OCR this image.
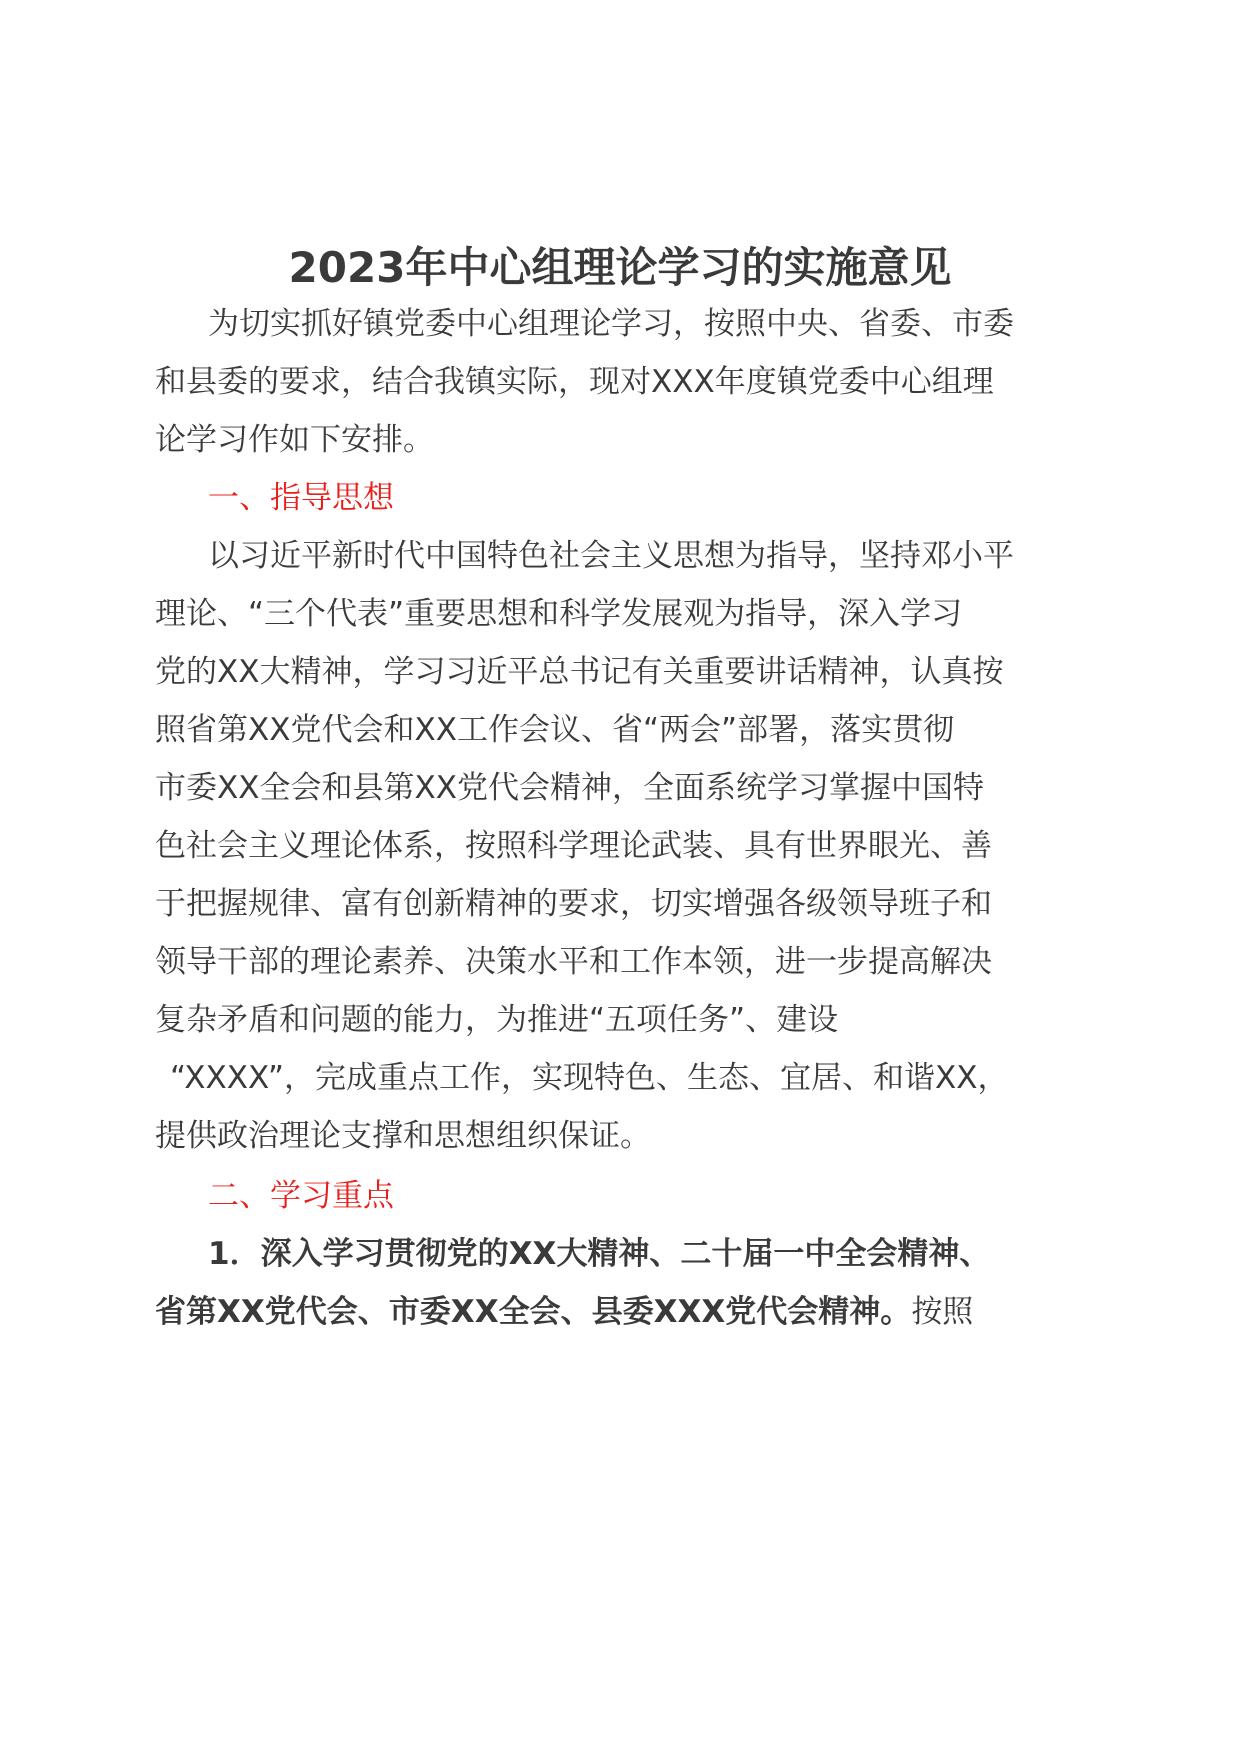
2023年中心组理论学习的实施意见
为切实抓好镇党委中心组理论学习，按照中央、省委、市委
和县委的要求，结合我镇实际，现对XXX年度镇党委中心组理
论学习作如下安排。
一、指导思想
以习近平新时代中国特色社会主义思想为指导，坚持邓小平
理论、“三个代表”重要思想和科学发展观为指导，深入学习
党的XX大精神，学习习近平总书记有关重要讲话精神，认真按
照省第XX党代会和XX工作会议、省“两会”部署，落实贯彻
市委XX全会和县第XX党代会精神，全面系统学习掌握中国特
色社会主义理论体系，按照科学理论武装、具有世界眼光、善
于把握规律、富有创新精神的要求，切实增强各级领导班子和
领导干部的理论素养、决策水平和工作本领，进一步提高解决
复杂矛盾和问题的能力，为推进“五项任务”、建设
“XXXX”，完成重点工作，实现特色、生态、宜居、和谐XX，
提供政治理论支撑和思想组织保证。
二、学习重点
1．深入学习贯彻党的XX大精神、二十届一中全会精神、
省第XX党代会、市委XX全会、县委XXX党代会精神。按照
